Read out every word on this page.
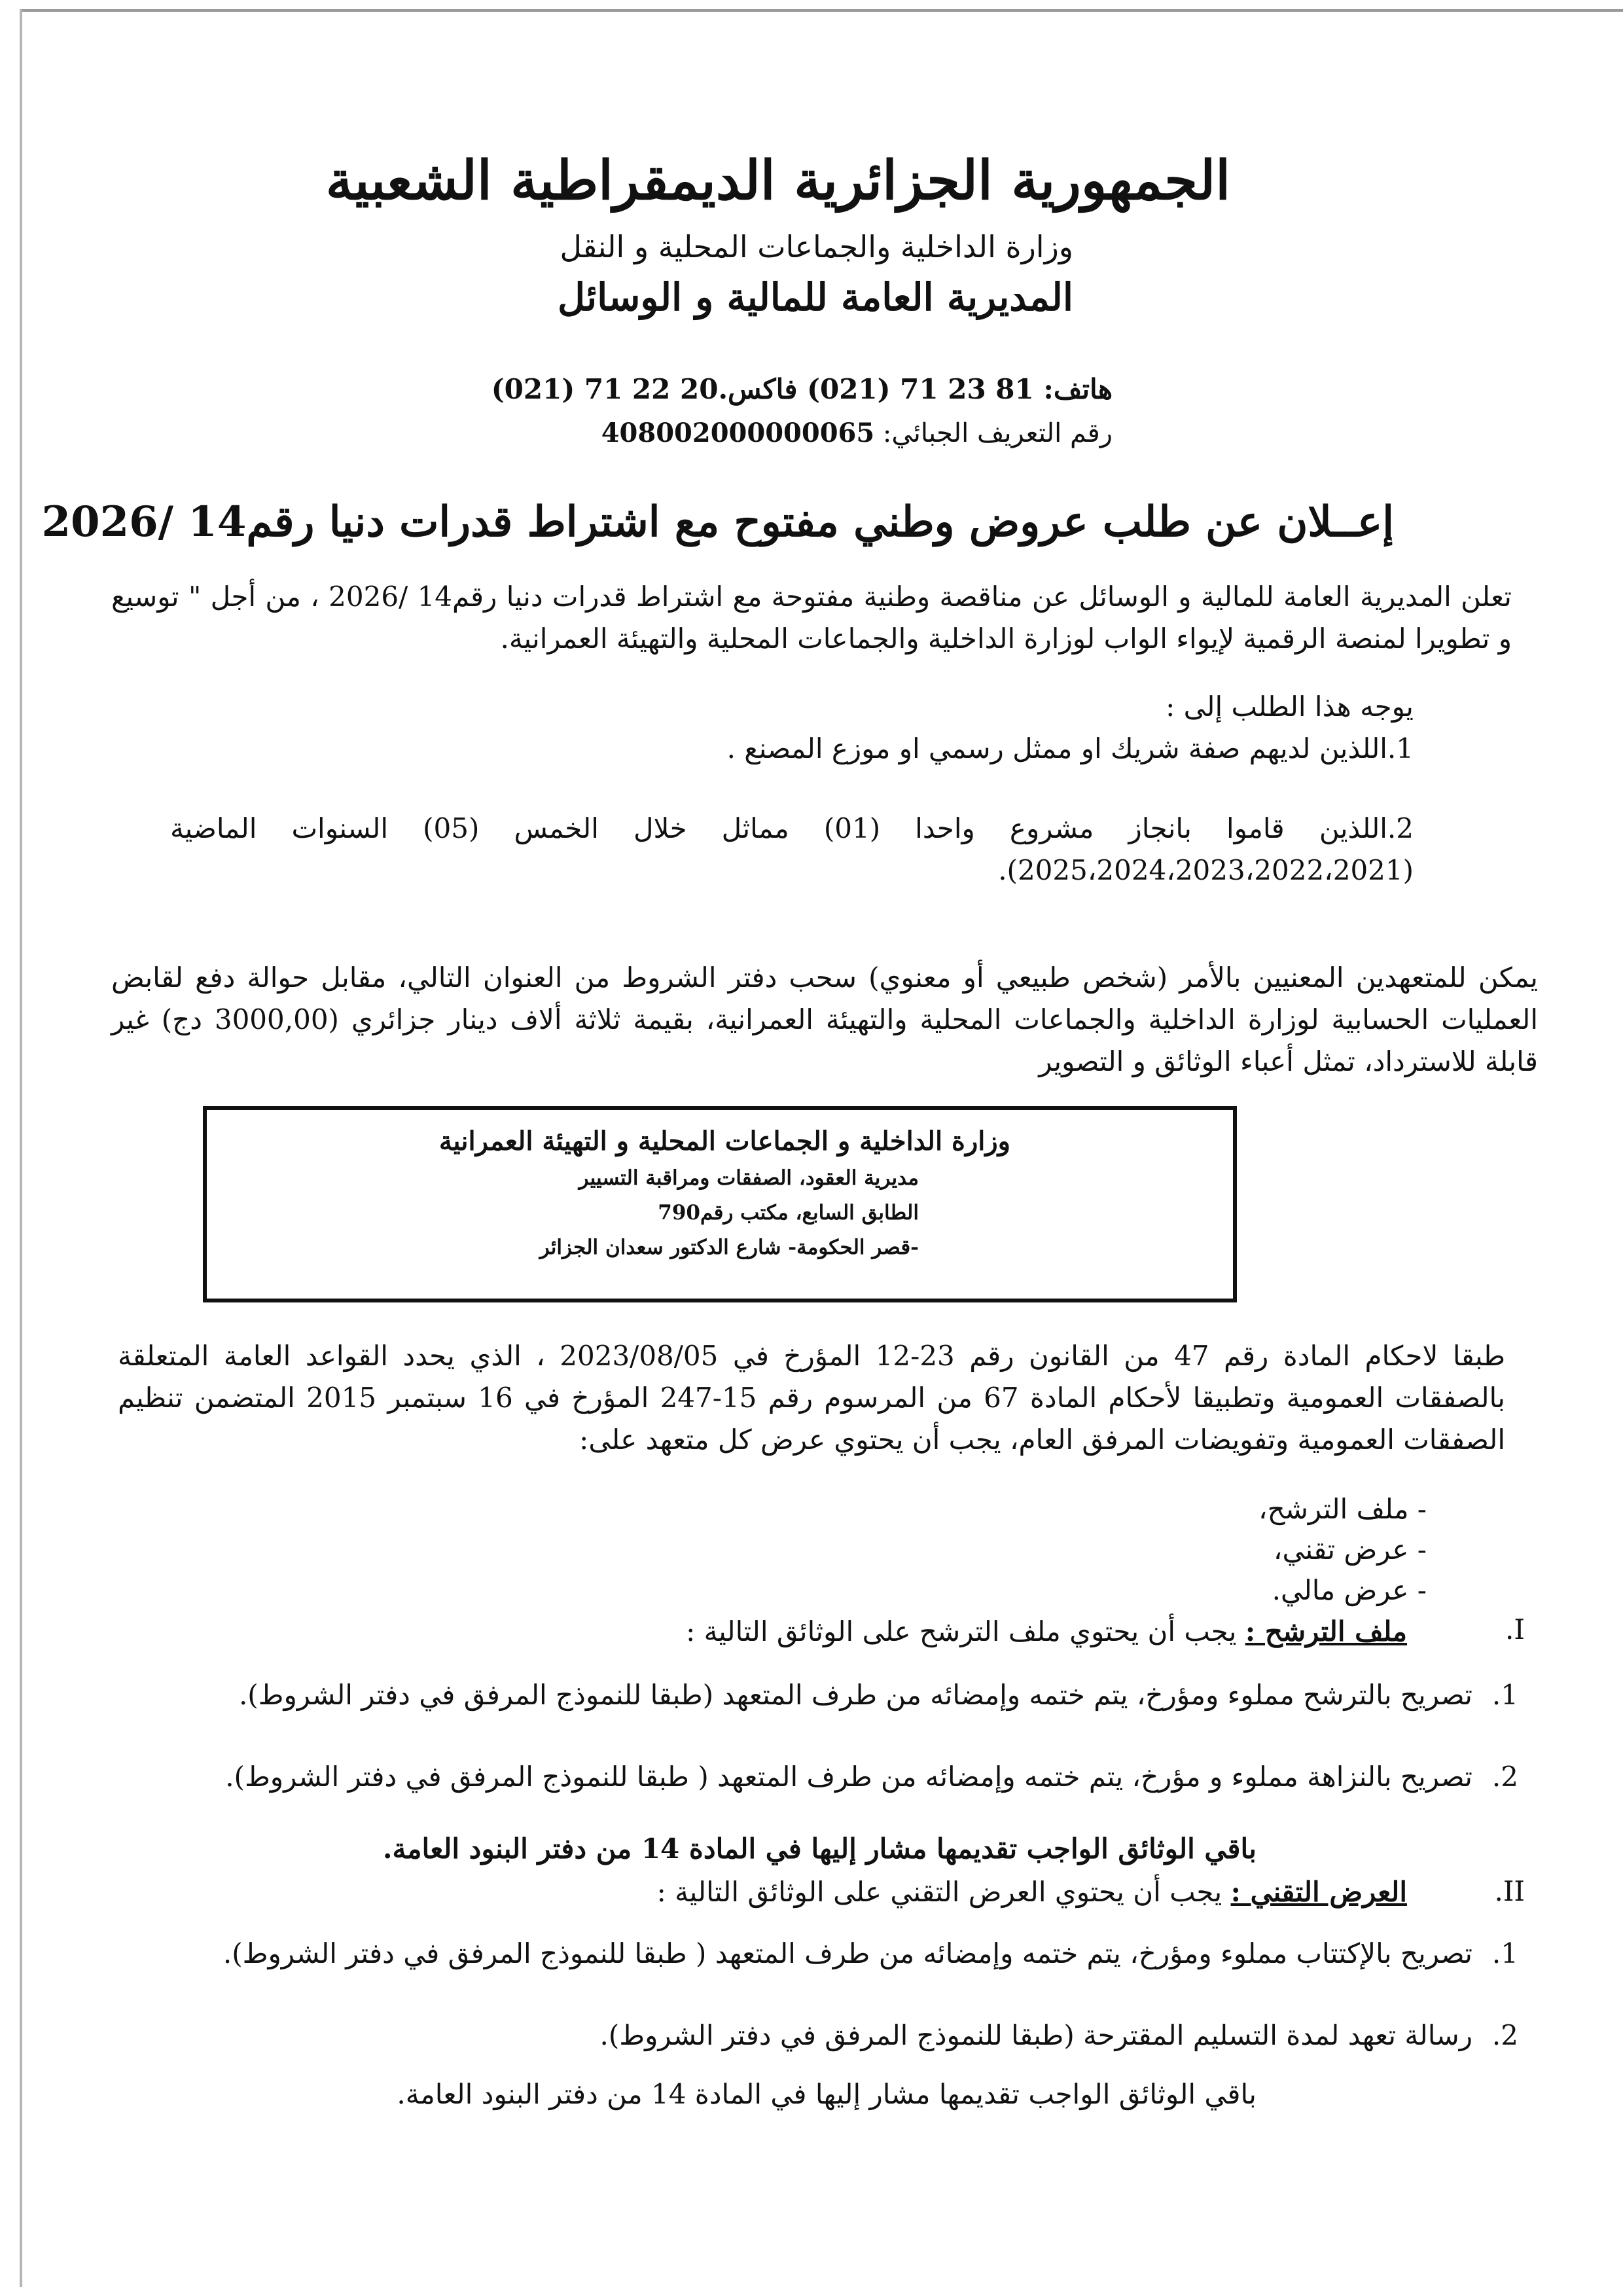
الجمهورية الجزائرية الديمقراطية الشعبية
وزارة الداخلية والجماعات المحلية و النقل
المديرية العامة للمالية و الوسائل
هاتف: 81 23 71 (021) فاكس.20 22 71 (021)
رقم التعريف الجبائي: 408002000000065
إعــلان عن طلب عروض وطني مفتوح مع اشتراط قدرات دنيا رقم14 /2026
تعلن المديرية العامة للمالية و الوسائل عن مناقصة وطنية مفتوحة مع اشتراط قدرات دنيا رقم14 /2026 ، من أجل " توسيع و تطويرا لمنصة الرقمية لإيواء الواب لوزارة الداخلية والجماعات المحلية والتهيئة العمرانية.
يوجه هذا الطلب إلى :
1.اللذين لديهم صفة شريك او ممثل رسمي او موزع المصنع .
2.اللذين قاموا بانجاز مشروع واحدا (01) مماثل خلال الخمس (05) السنوات الماضية (2025،2024،2023،2022،2021).
يمكن للمتعهدين المعنيين بالأمر (شخص طبيعي أو معنوي) سحب دفتر الشروط من العنوان التالي، مقابل حوالة دفع لقابض العمليات الحسابية لوزارة الداخلية والجماعات المحلية والتهيئة العمرانية، بقيمة ثلاثة ألاف دينار جزائري (3000,00 دج) غير قابلة للاسترداد، تمثل أعباء الوثائق و التصوير
وزارة الداخلية و الجماعات المحلية و التهيئة العمرانية
مديرية العقود، الصفقات ومراقبة التسيير
الطابق السابع، مكتب رقم790
-قصر الحكومة- شارع الدكتور سعدان الجزائر
طبقا لاحكام المادة رقم 47 من القانون رقم 23-12 المؤرخ في 2023/08/05 ، الذي يحدد القواعد العامة المتعلقة بالصفقات العمومية وتطبيقا لأحكام المادة 67 من المرسوم رقم 15-247 المؤرخ في 16 سبتمبر 2015 المتضمن تنظيم الصفقات العمومية وتفويضات المرفق العام، يجب أن يحتوي عرض كل متعهد على:
- ملف الترشح،
- عرض تقني،
- عرض مالي.
I.
ملف الترشح : يجب أن يحتوي ملف الترشح على الوثائق التالية :
1.
تصريح بالترشح مملوء ومؤرخ، يتم ختمه وإمضائه من طرف المتعهد (طبقا للنموذج المرفق في دفتر الشروط).
2.
تصريح بالنزاهة مملوء و مؤرخ، يتم ختمه وإمضائه من طرف المتعهد ( طبقا للنموذج المرفق في دفتر الشروط).
باقي الوثائق الواجب تقديمها مشار إليها في المادة 14 من دفتر البنود العامة.
II.
العرض التقني : يجب أن يحتوي العرض التقني على الوثائق التالية :
1.
تصريح بالإكتتاب مملوء ومؤرخ، يتم ختمه وإمضائه من طرف المتعهد ( طبقا للنموذج المرفق في دفتر الشروط).
2.
رسالة تعهد لمدة التسليم المقترحة (طبقا للنموذج المرفق في دفتر الشروط).
باقي الوثائق الواجب تقديمها مشار إليها في المادة 14 من دفتر البنود العامة.
